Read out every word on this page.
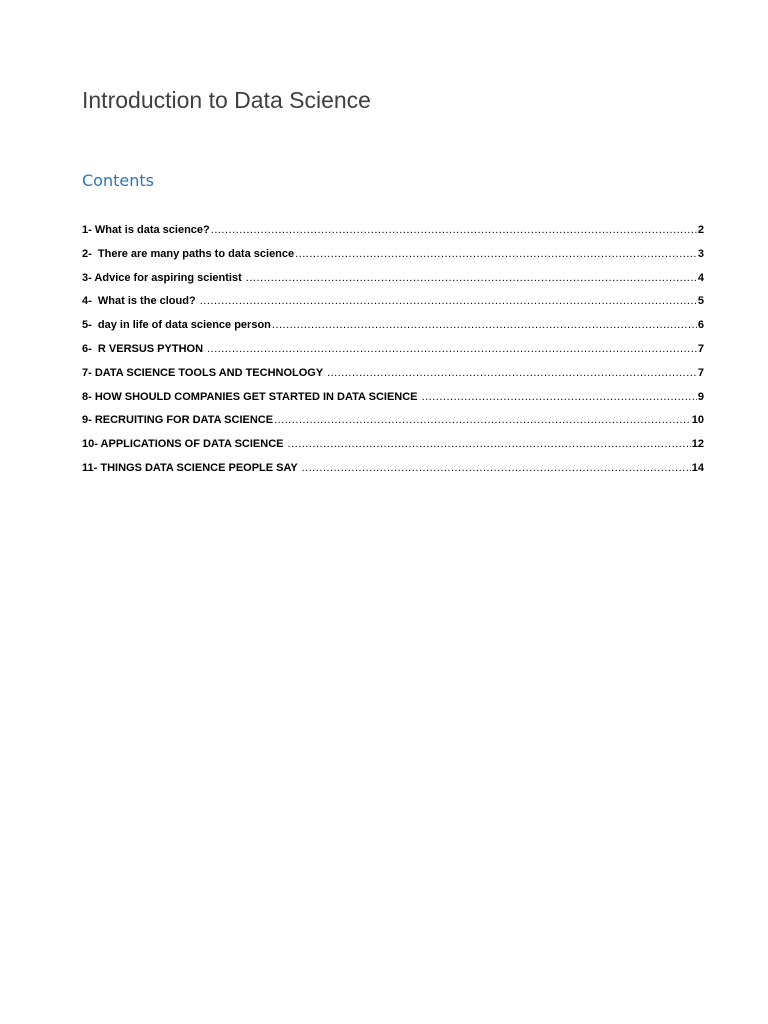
Introduction to Data Science
Contents
1- What is data science? .....	2
2-  There are many paths to data science .....	3
3- Advice for aspiring scientist .....	4
4-  What is the cloud? .....	5
5-  day in life of data science person .....	6
6-  R VERSUS PYTHON .....	7
7- DATA SCIENCE TOOLS AND TECHNOLOGY .....	7
8- HOW SHOULD COMPANIES GET STARTED IN DATA SCIENCE .....	9
9- RECRUITING FOR DATA SCIENCE .....	10
10- APPLICATIONS OF DATA SCIENCE .....	12
11- THINGS DATA SCIENCE PEOPLE SAY .....	14
